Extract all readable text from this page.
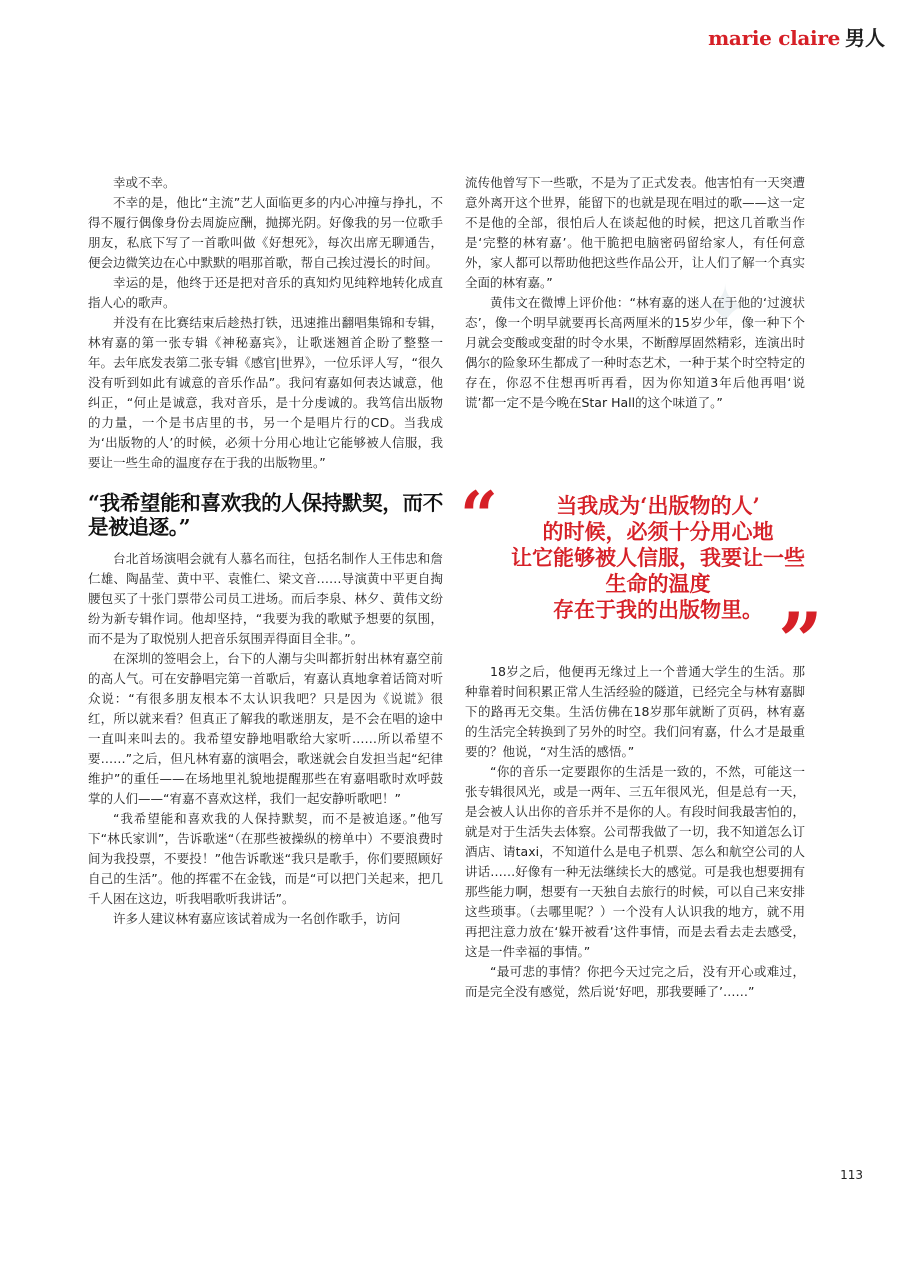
✦
marie claire 男人

幸或不幸。

不幸的是，他比“主流”艺人面临更多的内心冲撞与挣扎，不得不履行偶像身份去周旋应酬，抛掷光阴。好像我的另一位歌手朋友，私底下写了一首歌叫做《好想死》，每次出席无聊通告，便会边微笑边在心中默默的唱那首歌，帮自己挨过漫长的时间。

幸运的是，他终于还是把对音乐的真知灼见纯粹地转化成直指人心的歌声。

并没有在比赛结束后趁热打铁，迅速推出翻唱集锦和专辑，林宥嘉的第一张专辑《神秘嘉宾》，让歌迷翘首企盼了整整一年。去年底发表第二张专辑《感官|世界》，一位乐评人写，“很久没有听到如此有诚意的音乐作品”。我问宥嘉如何表达诚意，他纠正，“何止是诚意，我对音乐，是十分虔诚的。我笃信出版物的力量，一个是书店里的书，另一个是唱片行的CD。当我成为‘出版物的人’的时候，必须十分用心地让它能够被人信服，我要让一些生命的温度存在于我的出版物里。”

“我希望能和喜欢我的人保持默契，而不是被追逐。”

台北首场演唱会就有人慕名而往，包括名制作人王伟忠和詹仁雄、陶晶莹、黄中平、袁惟仁、梁文音……导演黄中平更自掏腰包买了十张门票带公司员工进场。而后李泉、林夕、黄伟文纷纷为新专辑作词。他却坚持，“我要为我的歌赋予想要的氛围，而不是为了取悦别人把音乐氛围弄得面目全非。”。

在深圳的签唱会上，台下的人潮与尖叫都折射出林宥嘉空前的高人气。可在安静唱完第一首歌后，宥嘉认真地拿着话筒对听众说：“有很多朋友根本不太认识我吧？只是因为《说谎》很红，所以就来看？但真正了解我的歌迷朋友，是不会在唱的途中一直叫来叫去的。我希望安静地唱歌给大家听……所以希望不要……”之后，但凡林宥嘉的演唱会，歌迷就会自发担当起“纪律维护”的重任——在场地里礼貌地提醒那些在宥嘉唱歌时欢呼鼓掌的人们——“宥嘉不喜欢这样，我们一起安静听歌吧！”

“我希望能和喜欢我的人保持默契，而不是被追逐。”他写下“林氏家训”，告诉歌迷“（在那些被操纵的榜单中）不要浪费时间为我投票，不要投！”他告诉歌迷“我只是歌手，你们要照顾好自己的生活”。他的挥霍不在金钱，而是“可以把门关起来，把几千人困在这边，听我唱歌听我讲话”。

许多人建议林宥嘉应该试着成为一名创作歌手，访问

流传他曾写下一些歌，不是为了正式发表。他害怕有一天突遭意外离开这个世界，能留下的也就是现在唱过的歌——这一定不是他的全部，很怕后人在谈起他的时候，把这几首歌当作是‘完整的林宥嘉’。他干脆把电脑密码留给家人，有任何意外，家人都可以帮助他把这些作品公开，让人们了解一个真实全面的林宥嘉。”

黄伟文在微博上评价他：“林宥嘉的迷人在于他的‘过渡状态’，像一个明早就要再长高两厘米的15岁少年，像一种下个月就会变酸或变甜的时令水果，不断醇厚固然精彩，连演出时偶尔的险象环生都成了一种时态艺术，一种于某个时空特定的存在，你忍不住想再听再看，因为你知道3年后他再唱‘说谎’都一定不是今晚在Star Hall的这个味道了。”

“	当我成为‘出版物的人’
的时候，必须十分用心地
让它能够被人信服，我要让一些
生命的温度
存在于我的出版物里。 ”

18岁之后，他便再无缘过上一个普通大学生的生活。那种靠着时间积累正常人生活经验的隧道，已经完全与林宥嘉脚下的路再无交集。生活仿佛在18岁那年就断了页码，林宥嘉的生活完全转换到了另外的时空。我们问宥嘉，什么才是最重要的？他说，“对生活的感悟。”

“你的音乐一定要跟你的生活是一致的，不然，可能这一张专辑很风光，或是一两年、三五年很风光，但是总有一天，是会被人认出你的音乐并不是你的人。有段时间我最害怕的，就是对于生活失去体察。公司帮我做了一切，我不知道怎么订酒店、请taxi，不知道什么是电子机票、怎么和航空公司的人讲话……好像有一种无法继续长大的感觉。可是我也想要拥有那些能力啊，想要有一天独自去旅行的时候，可以自己来安排这些琐事。（去哪里呢？）一个没有人认识我的地方，就不用再把注意力放在‘躲开被看’这件事情，而是去看去走去感受，这是一件幸福的事情。”

“最可悲的事情？你把今天过完之后，没有开心或难过，而是完全没有感觉，然后说‘好吧，那我要睡了’……”

113
